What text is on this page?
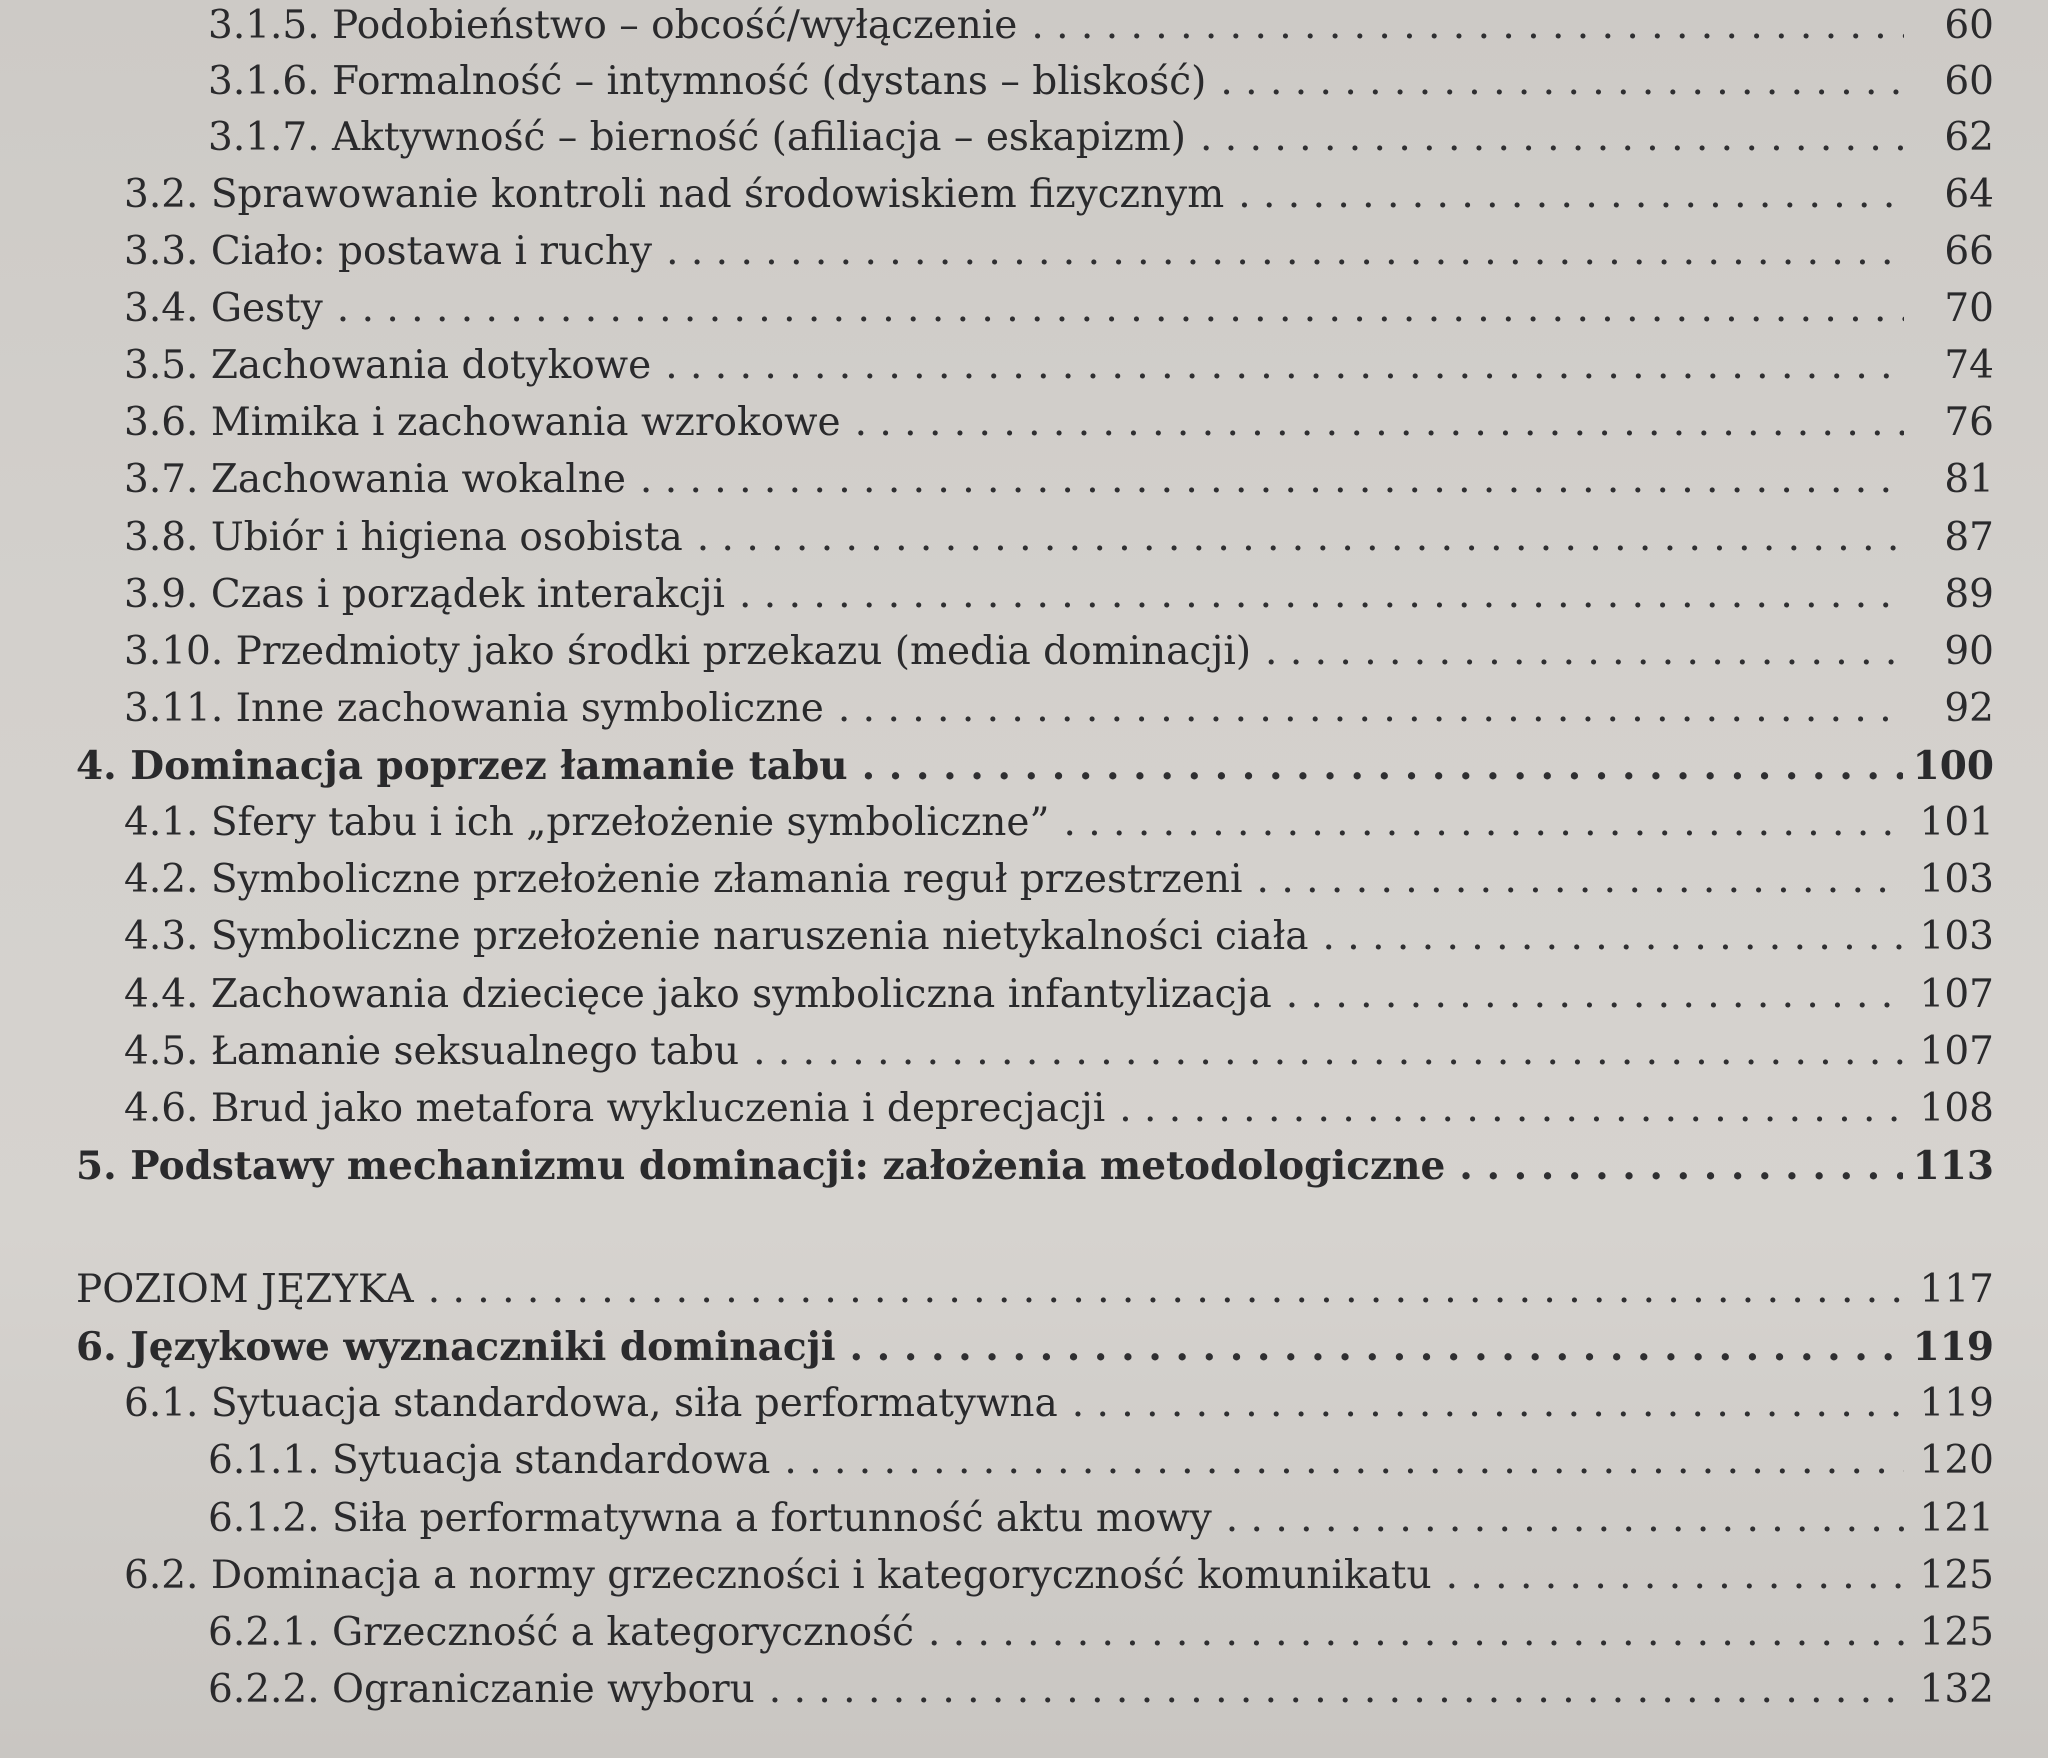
3.1.5. Podobieństwo – obcość/wyłączenie . . .	60
3.1.6. Formalność – intymność (dystans – bliskość) . . .	60
3.1.7. Aktywność – bierność (afiliacja – eskapizm) . . .	62
3.2. Sprawowanie kontroli nad środowiskiem fizycznym . . .	64
3.3. Ciało: postawa i ruchy . . .	66
3.4. Gesty . . .	70
3.5. Zachowania dotykowe . . .	74
3.6. Mimika i zachowania wzrokowe . . .	76
3.7. Zachowania wokalne . . .	81
3.8. Ubiór i higiena osobista . . .	87
3.9. Czas i porządek interakcji . . .	89
3.10. Przedmioty jako środki przekazu (media dominacji) . . .	90
3.11. Inne zachowania symboliczne . . .	92
4. Dominacja poprzez łamanie tabu . . .	100
4.1. Sfery tabu i ich „przełożenie symboliczne” . . .	101
4.2. Symboliczne przełożenie złamania reguł przestrzeni . . .	103
4.3. Symboliczne przełożenie naruszenia nietykalności ciała . . .	103
4.4. Zachowania dziecięce jako symboliczna infantylizacja . . .	107
4.5. Łamanie seksualnego tabu . . .	107
4.6. Brud jako metafora wykluczenia i deprecjacji . . .	108
5. Podstawy mechanizmu dominacji: założenia metodologiczne . . .	113
POZIOM JĘZYKA . . .	117
6. Językowe wyznaczniki dominacji . . .	119
6.1. Sytuacja standardowa, siła performatywna . . .	119
6.1.1. Sytuacja standardowa . . .	120
6.1.2. Siła performatywna a fortunność aktu mowy . . .	121
6.2. Dominacja a normy grzeczności i kategoryczność komunikatu . . .	125
6.2.1. Grzeczność a kategoryczność . . .	125
6.2.2. Ograniczanie wyboru . . .	132
